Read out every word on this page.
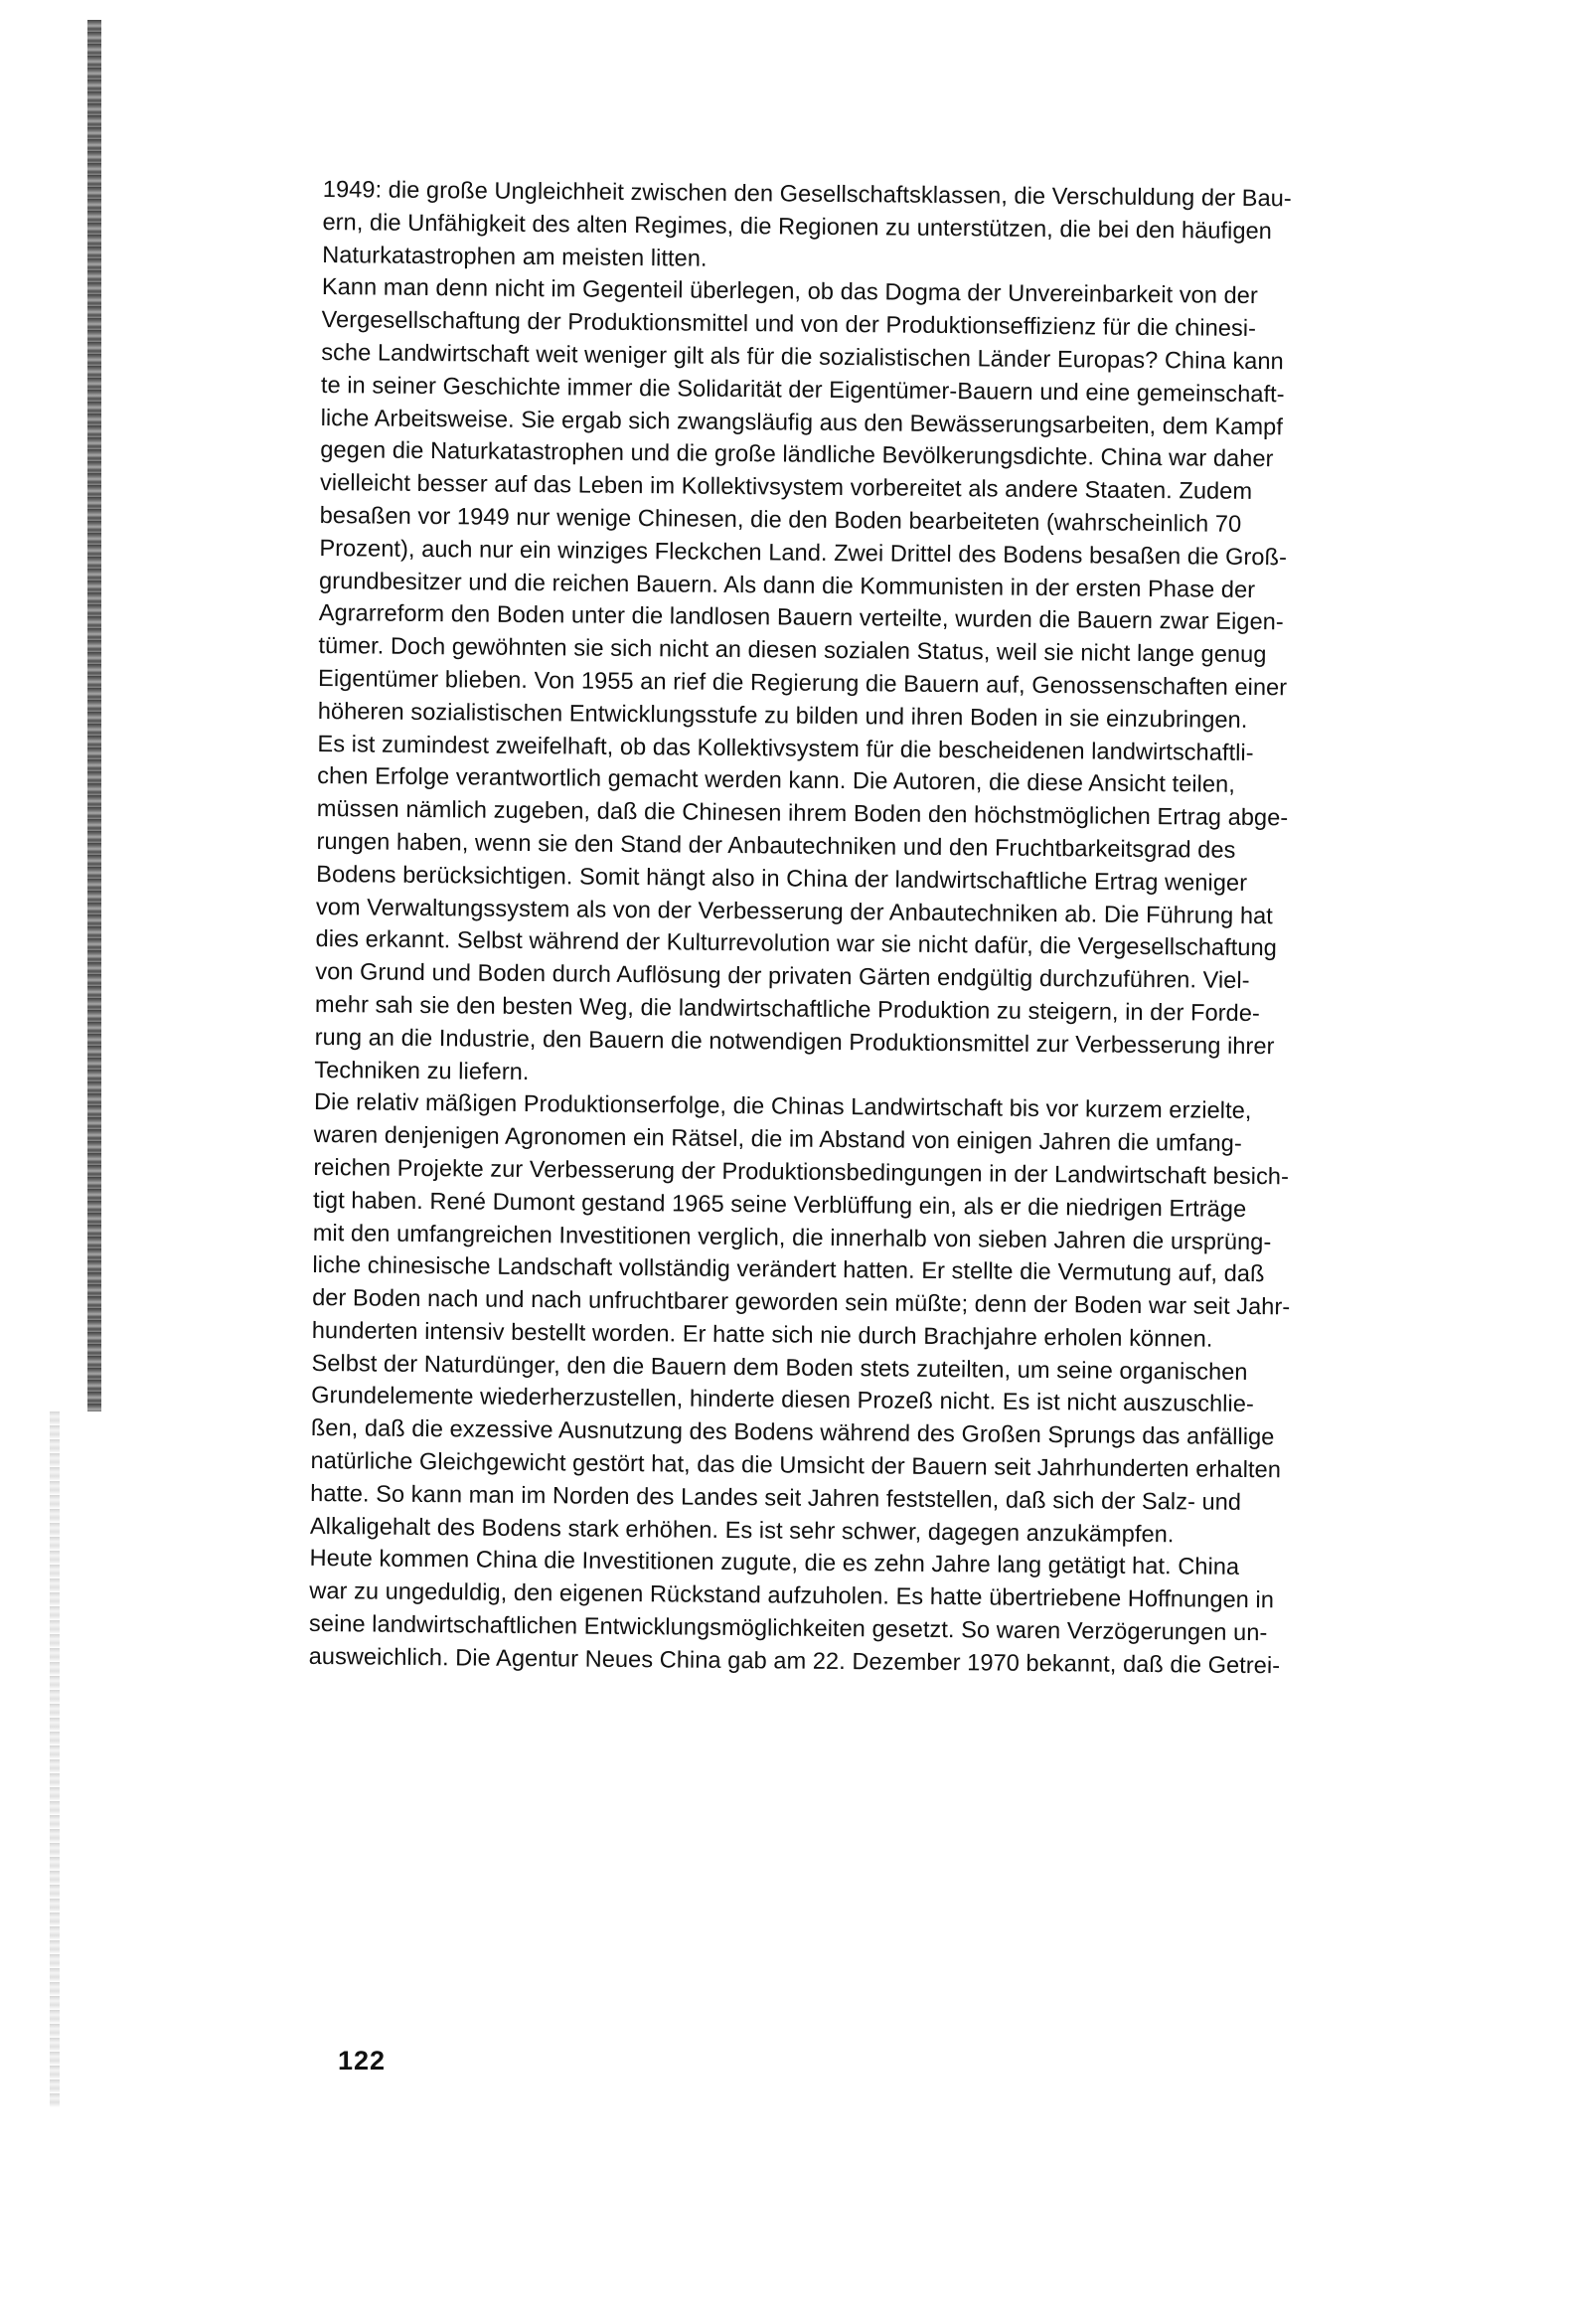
1949: die große Ungleichheit zwischen den Gesellschaftsklassen, die Verschuldung der Bau-
ern, die Unfähigkeit des alten Regimes, die Regionen zu unterstützen, die bei den häufigen
Naturkatastrophen am meisten litten.

Kann man denn nicht im Gegenteil überlegen, ob das Dogma der Unvereinbarkeit von der
Vergesellschaftung der Produktionsmittel und von der Produktionseffizienz für die chinesi-
sche Landwirtschaft weit weniger gilt als für die sozialistischen Länder Europas? China kann
te in seiner Geschichte immer die Solidarität der Eigentümer-Bauern und eine gemeinschaft-
liche Arbeitsweise. Sie ergab sich zwangsläufig aus den Bewässerungsarbeiten, dem Kampf
gegen die Naturkatastrophen und die große ländliche Bevölkerungsdichte. China war daher
vielleicht besser auf das Leben im Kollektivsystem vorbereitet als andere Staaten. Zudem
besaßen vor 1949 nur wenige Chinesen, die den Boden bearbeiteten (wahrscheinlich 70
Prozent), auch nur ein winziges Fleckchen Land. Zwei Drittel des Bodens besaßen die Groß-
grundbesitzer und die reichen Bauern. Als dann die Kommunisten in der ersten Phase der
Agrarreform den Boden unter die landlosen Bauern verteilte, wurden die Bauern zwar Eigen-
tümer. Doch gewöhnten sie sich nicht an diesen sozialen Status, weil sie nicht lange genug
Eigentümer blieben. Von 1955 an rief die Regierung die Bauern auf, Genossenschaften einer
höheren sozialistischen Entwicklungsstufe zu bilden und ihren Boden in sie einzubringen.

Es ist zumindest zweifelhaft, ob das Kollektivsystem für die bescheidenen landwirtschaftli-
chen Erfolge verantwortlich gemacht werden kann. Die Autoren, die diese Ansicht teilen,
müssen nämlich zugeben, daß die Chinesen ihrem Boden den höchstmöglichen Ertrag abge-
rungen haben, wenn sie den Stand der Anbautechniken und den Fruchtbarkeitsgrad des
Bodens berücksichtigen. Somit hängt also in China der landwirtschaftliche Ertrag weniger
vom Verwaltungssystem als von der Verbesserung der Anbautechniken ab. Die Führung hat
dies erkannt. Selbst während der Kulturrevolution war sie nicht dafür, die Vergesellschaftung
von Grund und Boden durch Auflösung der privaten Gärten endgültig durchzuführen. Viel-
mehr sah sie den besten Weg, die landwirtschaftliche Produktion zu steigern, in der Forde-
rung an die Industrie, den Bauern die notwendigen Produktionsmittel zur Verbesserung ihrer
Techniken zu liefern.

Die relativ mäßigen Produktionserfolge, die Chinas Landwirtschaft bis vor kurzem erzielte,
waren denjenigen Agronomen ein Rätsel, die im Abstand von einigen Jahren die umfang-
reichen Projekte zur Verbesserung der Produktionsbedingungen in der Landwirtschaft besich-
tigt haben. René Dumont gestand 1965 seine Verblüffung ein, als er die niedrigen Erträge
mit den umfangreichen Investitionen verglich, die innerhalb von sieben Jahren die ursprüng-
liche chinesische Landschaft vollständig verändert hatten. Er stellte die Vermutung auf, daß
der Boden nach und nach unfruchtbarer geworden sein müßte; denn der Boden war seit Jahr-
hunderten intensiv bestellt worden. Er hatte sich nie durch Brachjahre erholen können.
Selbst der Naturdünger, den die Bauern dem Boden stets zuteilten, um seine organischen
Grundelemente wiederherzustellen, hinderte diesen Prozeß nicht. Es ist nicht auszuschlie-
ßen, daß die exzessive Ausnutzung des Bodens während des Großen Sprungs das anfällige
natürliche Gleichgewicht gestört hat, das die Umsicht der Bauern seit Jahrhunderten erhalten
hatte. So kann man im Norden des Landes seit Jahren feststellen, daß sich der Salz- und
Alkaligehalt des Bodens stark erhöhen. Es ist sehr schwer, dagegen anzukämpfen.

Heute kommen China die Investitionen zugute, die es zehn Jahre lang getätigt hat. China
war zu ungeduldig, den eigenen Rückstand aufzuholen. Es hatte übertriebene Hoffnungen in
seine landwirtschaftlichen Entwicklungsmöglichkeiten gesetzt. So waren Verzögerungen un-
ausweichlich. Die Agentur Neues China gab am 22. Dezember 1970 bekannt, daß die Getrei-

122
